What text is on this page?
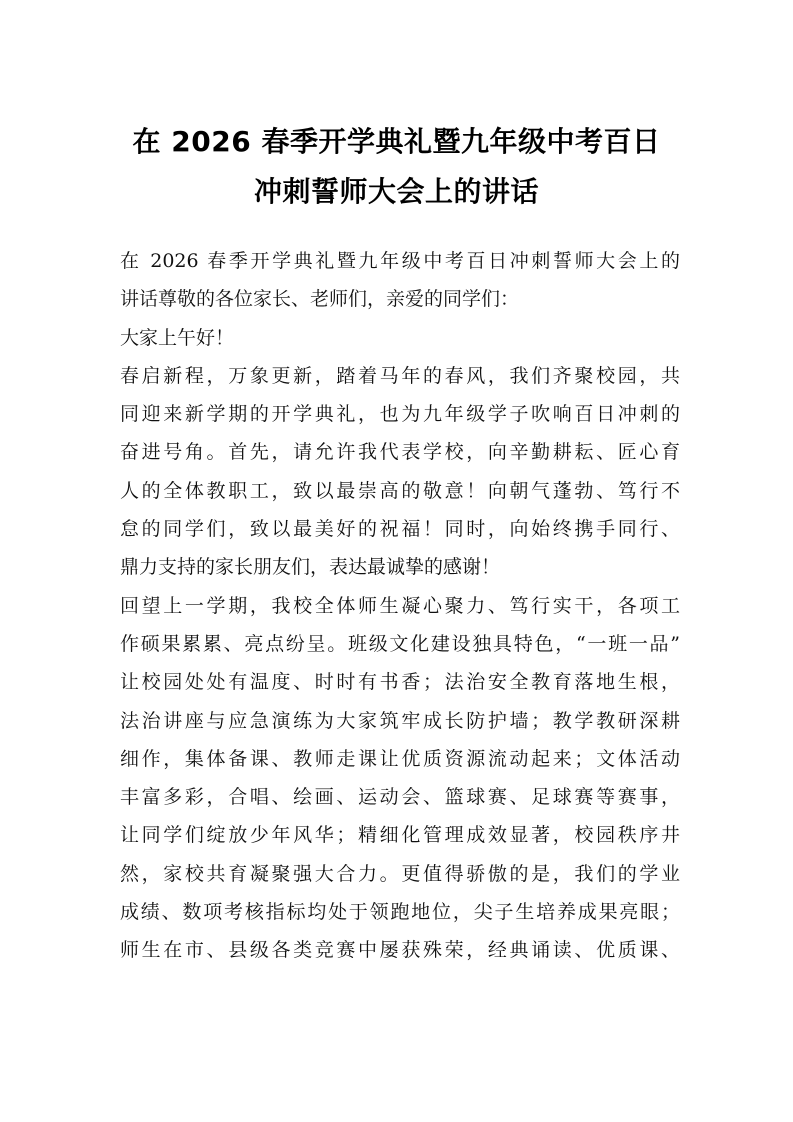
在 2026 春季开学典礼暨九年级中考百日
冲刺誓师大会上的讲话
在 2026 春季开学典礼暨九年级中考百日冲刺誓师大会上的
讲话尊敬的各位家长、老师们，亲爱的同学们：
大家上午好！
春启新程，万象更新，踏着马年的春风，我们齐聚校园，共
同迎来新学期的开学典礼，也为九年级学子吹响百日冲刺的
奋进号角。首先，请允许我代表学校，向辛勤耕耘、匠心育
人的全体教职工，致以最崇高的敬意！向朝气蓬勃、笃行不
怠的同学们，致以最美好的祝福！同时，向始终携手同行、
鼎力支持的家长朋友们，表达最诚挚的感谢！
回望上一学期，我校全体师生凝心聚力、笃行实干，各项工
作硕果累累、亮点纷呈。班级文化建设独具特色，“一班一品”
让校园处处有温度、时时有书香；法治安全教育落地生根，
法治讲座与应急演练为大家筑牢成长防护墙；教学教研深耕
细作，集体备课、教师走课让优质资源流动起来；文体活动
丰富多彩，合唱、绘画、运动会、篮球赛、足球赛等赛事，
让同学们绽放少年风华；精细化管理成效显著，校园秩序井
然，家校共育凝聚强大合力。更值得骄傲的是，我们的学业
成绩、数项考核指标均处于领跑地位，尖子生培养成果亮眼；
师生在市、县级各类竞赛中屡获殊荣，经典诵读、优质课、
